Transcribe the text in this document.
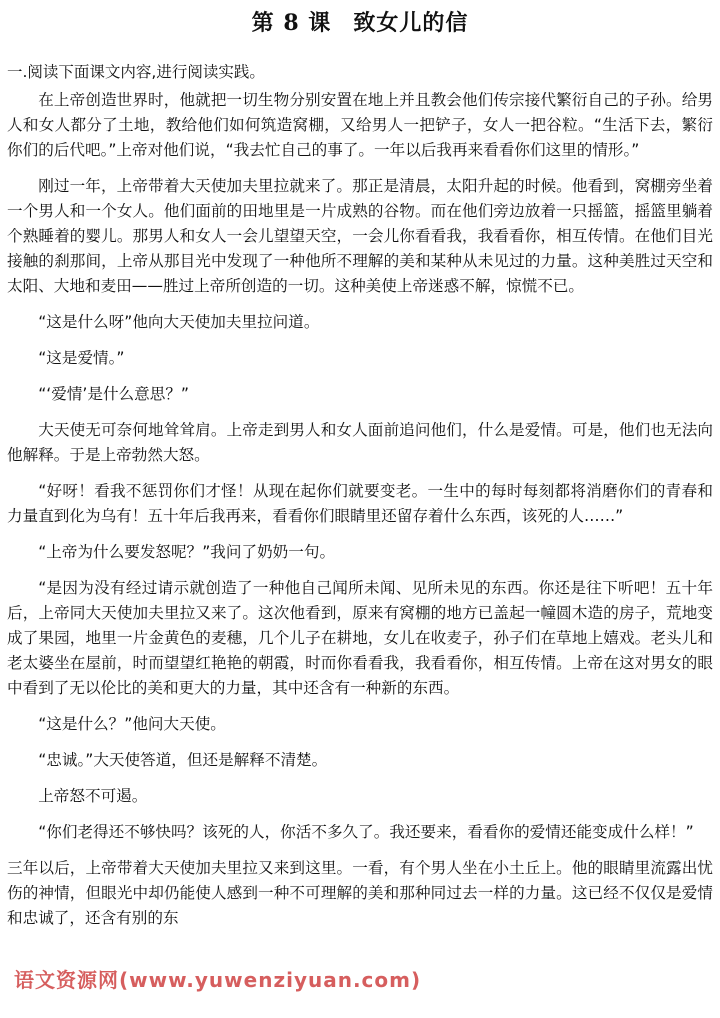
第 8 课 致女儿的信
一.阅读下面课文内容,进行阅读实践。

在上帝创造世界时，他就把一切生物分别安置在地上并且教会他们传宗接代繁衍自己的子孙。给男人和女人都分了土地，教给他们如何筑造窝棚，又给男人一把铲子，女人一把谷粒。“生活下去，繁衍你们的后代吧。”上帝对他们说，“我去忙自己的事了。一年以后我再来看看你们这里的情形。”

刚过一年，上帝带着大天使加夫里拉就来了。那正是清晨，太阳升起的时候。他看到，窝棚旁坐着一个男人和一个女人。他们面前的田地里是一片成熟的谷物。而在他们旁边放着一只摇篮，摇篮里躺着个熟睡着的婴儿。那男人和女人一会儿望望天空，一会儿你看看我，我看看你，相互传情。在他们目光接触的刹那间，上帝从那目光中发现了一种他所不理解的美和某种从未见过的力量。这种美胜过天空和太阳、大地和麦田——胜过上帝所创造的一切。这种美使上帝迷惑不解，惊慌不已。

“这是什么呀”他向大天使加夫里拉问道。

“这是爱情。”

“‘爱情’是什么意思？”

大天使无可奈何地耸耸肩。上帝走到男人和女人面前追问他们，什么是爱情。可是，他们也无法向他解释。于是上帝勃然大怒。

“好呀！看我不惩罚你们才怪！从现在起你们就要变老。一生中的每时每刻都将消磨你们的青春和力量直到化为乌有！五十年后我再来，看看你们眼睛里还留存着什么东西，该死的人……”

“上帝为什么要发怒呢？”我问了奶奶一句。

“是因为没有经过请示就创造了一种他自己闻所未闻、见所未见的东西。你还是往下听吧！五十年后，上帝同大天使加夫里拉又来了。这次他看到，原来有窝棚的地方已盖起一幢圆木造的房子，荒地变成了果园，地里一片金黄色的麦穗，几个儿子在耕地，女儿在收麦子，孙子们在草地上嬉戏。老头儿和老太婆坐在屋前，时而望望红艳艳的朝霞，时而你看看我，我看看你，相互传情。上帝在这对男女的眼中看到了无以伦比的美和更大的力量，其中还含有一种新的东西。

“这是什么？”他问大天使。

“忠诚。”大天使答道，但还是解释不清楚。

上帝怒不可遏。

“你们老得还不够快吗？该死的人，你活不多久了。我还要来，看看你的爱情还能变成什么样！”

三年以后，上帝带着大天使加夫里拉又来到这里。一看，有个男人坐在小土丘上。他的眼睛里流露出忧伤的神情，但眼光中却仍能使人感到一种不可理解的美和那种同过去一样的力量。这已经不仅仅是爱情和忠诚了，还含有别的东

语文资源网(www.yuwenziyuan.com)
